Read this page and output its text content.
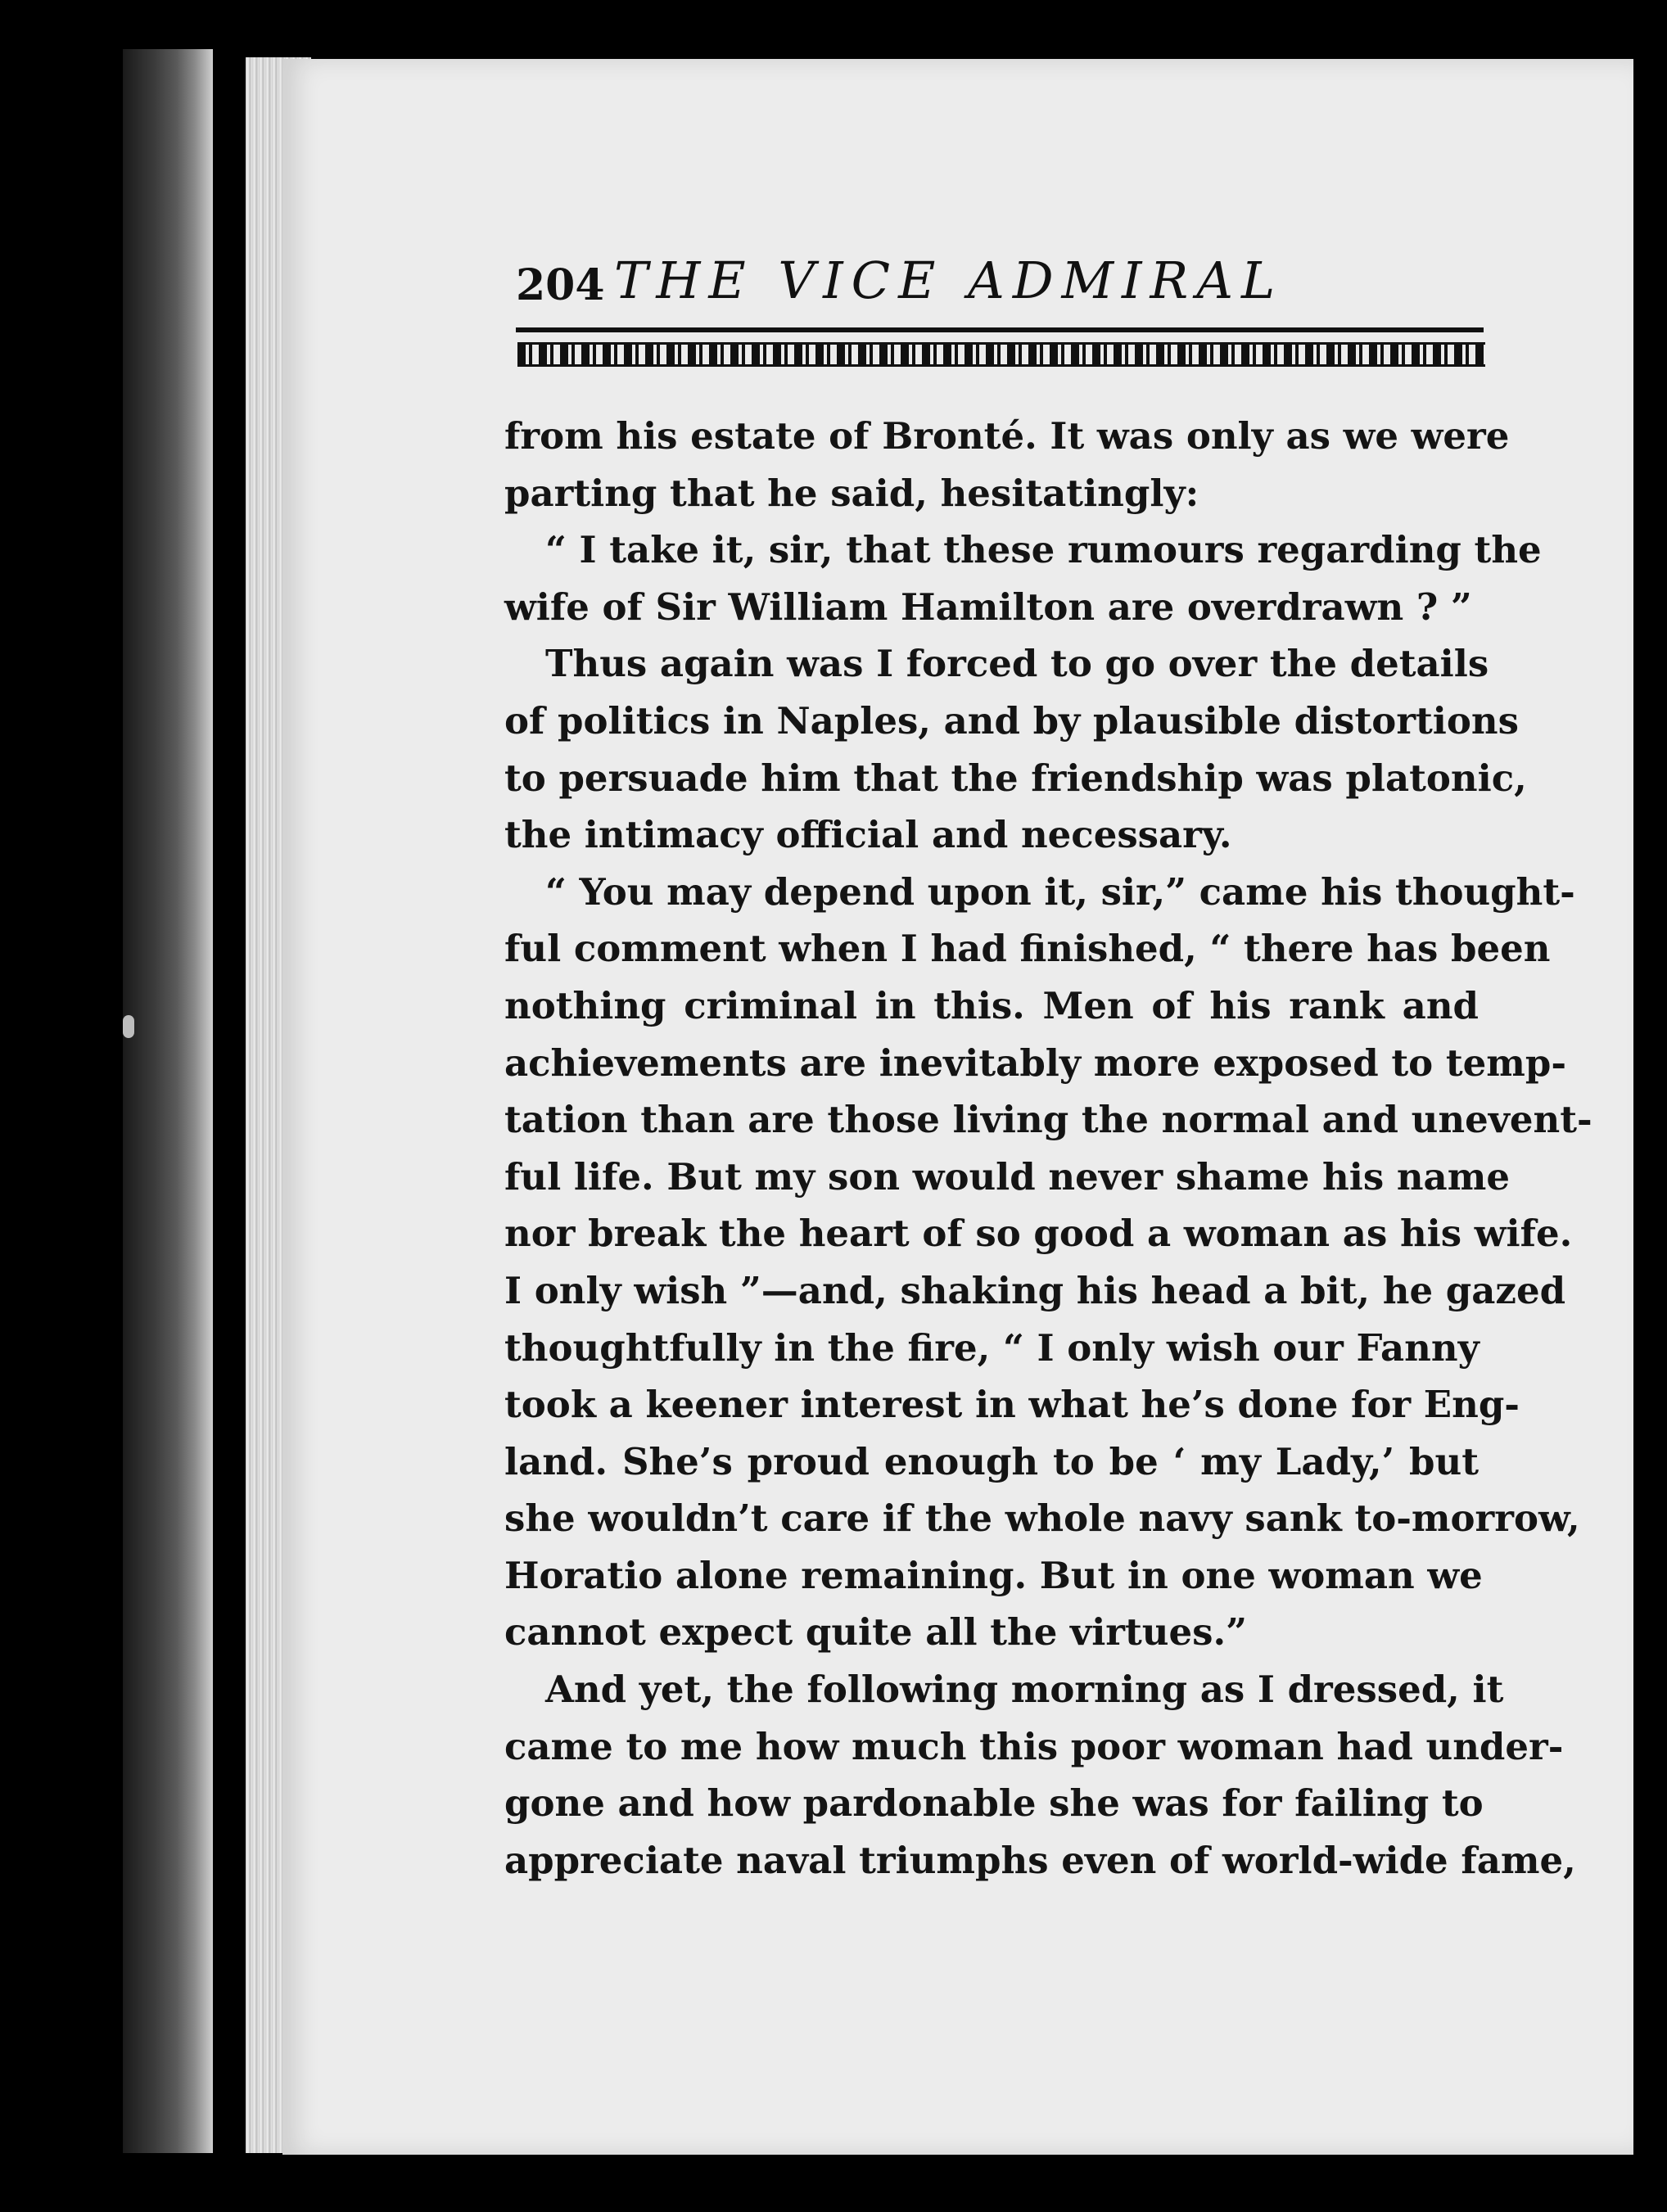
204 THE VICE ADMIRAL
from his estate of Bronté. It was only as we were
parting that he said, hesitatingly:
“ I take it, sir, that these rumours regarding the
wife of Sir William Hamilton are overdrawn ? ”
Thus again was I forced to go over the details
of politics in Naples, and by plausible distortions
to persuade him that the friendship was platonic,
the intimacy official and necessary.
“ You may depend upon it, sir,” came his thought-
ful comment when I had finished, “ there has been
nothing criminal in this. Men of his rank and
achievements are inevitably more exposed to temp-
tation than are those living the normal and unevent-
ful life. But my son would never shame his name
nor break the heart of so good a woman as his wife.
I only wish ”—and, shaking his head a bit, he gazed
thoughtfully in the fire, “ I only wish our Fanny
took a keener interest in what he’s done for Eng-
land. She’s proud enough to be ‘ my Lady,’ but
she wouldn’t care if the whole navy sank to-morrow,
Horatio alone remaining. But in one woman we
cannot expect quite all the virtues.”
And yet, the following morning as I dressed, it
came to me how much this poor woman had under-
gone and how pardonable she was for failing to
appreciate naval triumphs even of world-wide fame,
